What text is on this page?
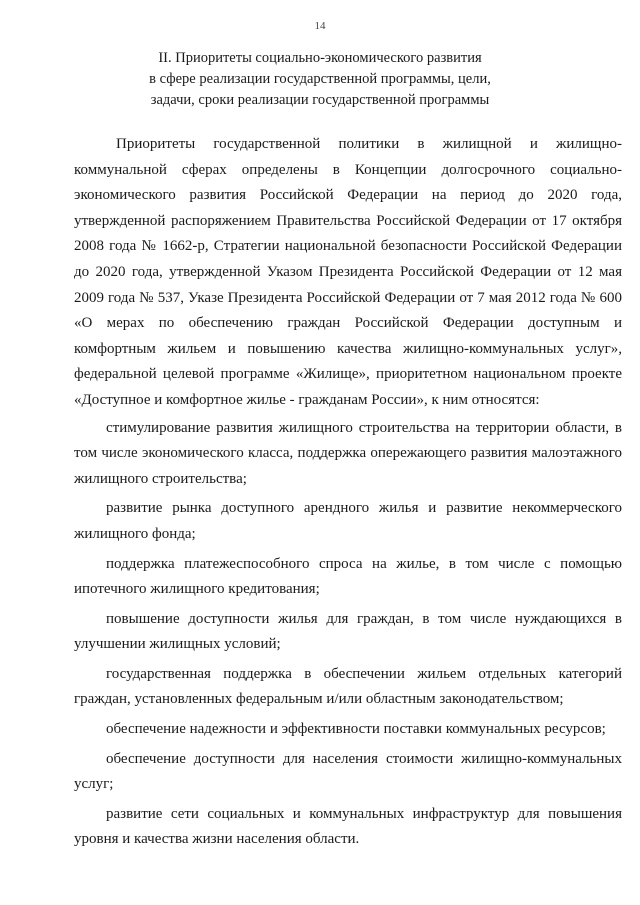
14
II. Приоритеты социально-экономического развития
в сфере реализации государственной программы, цели,
задачи, сроки реализации государственной программы

Приоритеты государственной политики в жилищной и жилищно-коммунальной сферах определены в Концепции долгосрочного социально-экономического развития Российской Федерации на период до 2020 года, утвержденной распоряжением Правительства Российской Федерации от 17 октября 2008 года № 1662-р, Стратегии национальной безопасности Российской Федерации до 2020 года, утвержденной Указом Президента Российской Федерации от 12 мая 2009 года № 537, Указе Президента Российской Федерации от 7 мая 2012 года № 600 «О мерах по обеспечению граждан Российской Федерации доступным и комфортным жильем и повышению качества жилищно-коммунальных услуг», федеральной целевой программе «Жилище», приоритетном национальном проекте «Доступное и комфортное жилье - гражданам России», к ним относятся:

стимулирование развития жилищного строительства на территории области, в том числе экономического класса, поддержка опережающего развития малоэтажного жилищного строительства;

развитие рынка доступного арендного жилья и развитие некоммерческого жилищного фонда;

поддержка платежеспособного спроса на жилье, в том числе с помощью ипотечного жилищного кредитования;

повышение доступности жилья для граждан, в том числе нуждающихся в улучшении жилищных условий;

государственная поддержка в обеспечении жильем отдельных категорий граждан, установленных федеральным и/или областным законодательством;

обеспечение надежности и эффективности поставки коммунальных ресурсов;

обеспечение доступности для населения стоимости жилищно-коммунальных услуг;

развитие сети социальных и коммунальных инфраструктур для повышения уровня и качества жизни населения области.
